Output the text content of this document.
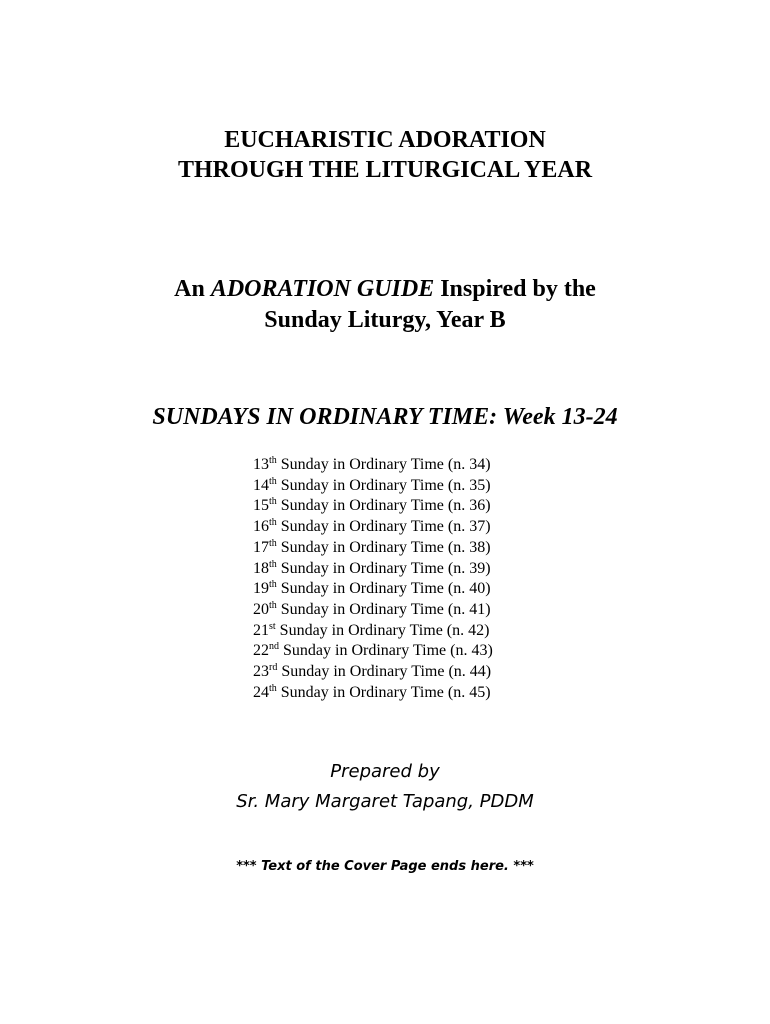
EUCHARISTIC ADORATION
THROUGH THE LITURGICAL YEAR
An ADORATION GUIDE Inspired by the
Sunday Liturgy, Year B
SUNDAYS IN ORDINARY TIME: Week 13-24
13th Sunday in Ordinary Time (n. 34)
14th Sunday in Ordinary Time (n. 35)
15th Sunday in Ordinary Time (n. 36)
16th Sunday in Ordinary Time (n. 37)
17th Sunday in Ordinary Time (n. 38)
18th Sunday in Ordinary Time (n. 39)
19th Sunday in Ordinary Time (n. 40)
20th Sunday in Ordinary Time (n. 41)
21st Sunday in Ordinary Time (n. 42)
22nd Sunday in Ordinary Time (n. 43)
23rd Sunday in Ordinary Time (n. 44)
24th Sunday in Ordinary Time (n. 45)
Prepared by
Sr. Mary Margaret Tapang, PDDM
*** Text of the Cover Page ends here. ***
